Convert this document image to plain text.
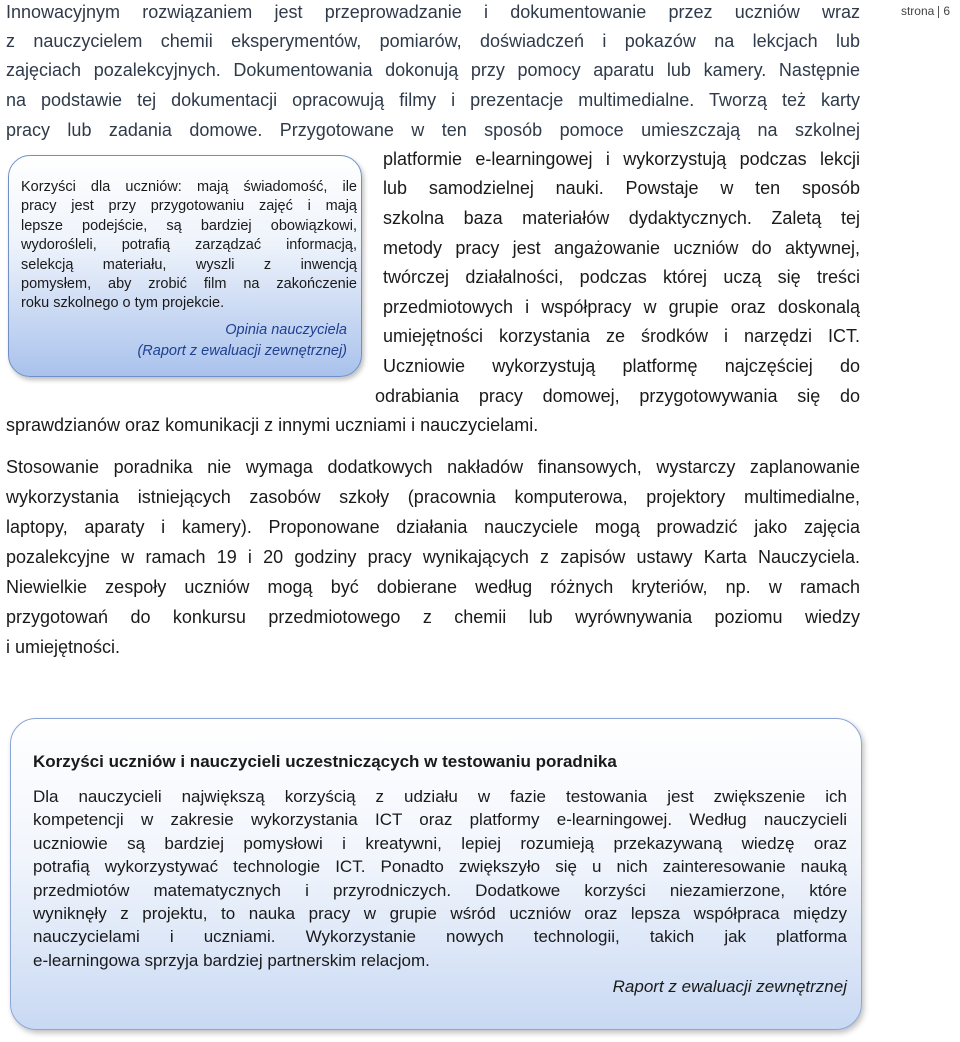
strona 6
Innowacyjnym rozwiązaniem jest przeprowadzanie i dokumentowanie przez uczniów wraz
z nauczycielem chemii eksperymentów, pomiarów, doświadczeń i pokazów na lekcjach lub
zajęciach pozalekcyjnych. Dokumentowania dokonują przy pomocy aparatu lub kamery. Następnie
na podstawie tej dokumentacji opracowują filmy i prezentacje multimedialne. Tworzą też karty
pracy lub zadania domowe. Przygotowane w ten sposób pomoce umieszczają na szkolnej
platformie e-learningowej i wykorzystują podczas lekcji
lub samodzielnej nauki. Powstaje w ten sposób
szkolna baza materiałów dydaktycznych. Zaletą tej
metody pracy jest angażowanie uczniów do aktywnej,
twórczej działalności, podczas której uczą się treści
przedmiotowych i współpracy w grupie oraz doskonalą
umiejętności korzystania ze środków i narzędzi ICT.
Uczniowie wykorzystują platformę najczęściej do
odrabiania pracy domowej, przygotowywania się do
sprawdzianów oraz komunikacji z innymi uczniami i nauczycielami.
Korzyści dla uczniów: mają świadomość, ile
pracy jest przy przygotowaniu zajęć i mają
lepsze podejście, są bardziej obowiązkowi,
wydorośleli, potrafią zarządzać informacją,
selekcją materiału, wyszli z inwencją
pomysłem, aby zrobić film na zakończenie
roku szkolnego o tym projekcie.
Opinia nauczyciela
(Raport z ewaluacji zewnętrznej)
Stosowanie poradnika nie wymaga dodatkowych nakładów finansowych, wystarczy zaplanowanie
wykorzystania istniejących zasobów szkoły (pracownia komputerowa, projektory multimedialne,
laptopy, aparaty i kamery). Proponowane działania nauczyciele mogą prowadzić jako zajęcia
pozalekcyjne w ramach 19 i 20 godziny pracy wynikających z zapisów ustawy Karta Nauczyciela.
Niewielkie zespoły uczniów mogą być dobierane według różnych kryteriów, np. w ramach
przygotowań do konkursu przedmiotowego z chemii lub wyrównywania poziomu wiedzy
i umiejętności.
Korzyści uczniów i nauczycieli uczestniczących w testowaniu poradnika
Dla nauczycieli największą korzyścią z udziału w fazie testowania jest zwiększenie ich
kompetencji w zakresie wykorzystania ICT oraz platformy e-learningowej. Według nauczycieli
uczniowie są bardziej pomysłowi i kreatywni, lepiej rozumieją przekazywaną wiedzę oraz
potrafią wykorzystywać technologie ICT. Ponadto zwiększyło się u nich zainteresowanie nauką
przedmiotów matematycznych i przyrodniczych. Dodatkowe korzyści niezamierzone, które
wyniknęły z projektu, to nauka pracy w grupie wśród uczniów oraz lepsza współpraca między
nauczycielami i uczniami. Wykorzystanie nowych technologii, takich jak platforma
e-learningowa sprzyja bardziej partnerskim relacjom.
Raport z ewaluacji zewnętrznej
